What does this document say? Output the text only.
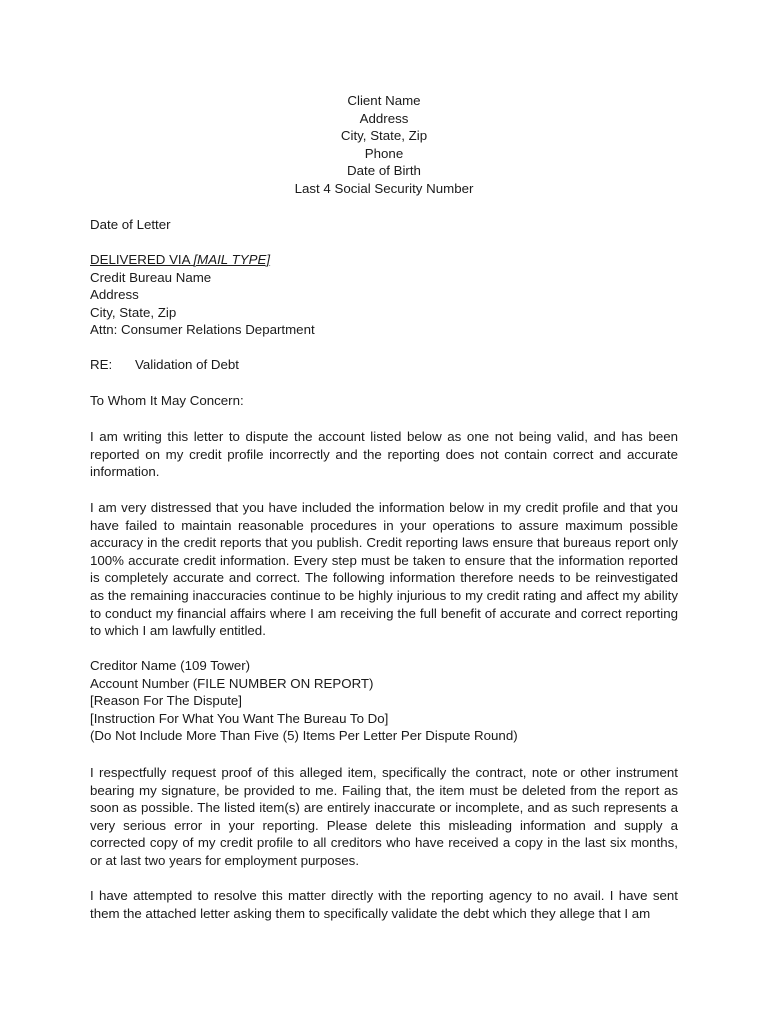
Client Name
Address
City, State, Zip
Phone
Date of Birth
Last 4 Social Security Number
Date of Letter
DELIVERED VIA [MAIL TYPE]
Credit Bureau Name
Address
City, State, Zip
Attn: Consumer Relations Department
RE: Validation of Debt
To Whom It May Concern:
I am writing this letter to dispute the account listed below as one not being valid, and has been reported on my credit profile incorrectly and the reporting does not contain correct and accurate information.
I am very distressed that you have included the information below in my credit profile and that you have failed to maintain reasonable procedures in your operations to assure maximum possible accuracy in the credit reports that you publish. Credit reporting laws ensure that bureaus report only 100% accurate credit information. Every step must be taken to ensure that the information reported is completely accurate and correct. The following information therefore needs to be reinvestigated as the remaining inaccuracies continue to be highly injurious to my credit rating and affect my ability to conduct my financial affairs where I am receiving the full benefit of accurate and correct reporting to which I am lawfully entitled.
Creditor Name (109 Tower)
Account Number (FILE NUMBER ON REPORT)
[Reason For The Dispute]
[Instruction For What You Want The Bureau To Do]
(Do Not Include More Than Five (5) Items Per Letter Per Dispute Round)
I respectfully request proof of this alleged item, specifically the contract, note or other instrument bearing my signature, be provided to me. Failing that, the item must be deleted from the report as soon as possible. The listed item(s) are entirely inaccurate or incomplete, and as such represents a very serious error in your reporting. Please delete this misleading information and supply a corrected copy of my credit profile to all creditors who have received a copy in the last six months, or at last two years for employment purposes.
I have attempted to resolve this matter directly with the reporting agency to no avail. I have sent them the attached letter asking them to specifically validate the debt which they allege that I am
